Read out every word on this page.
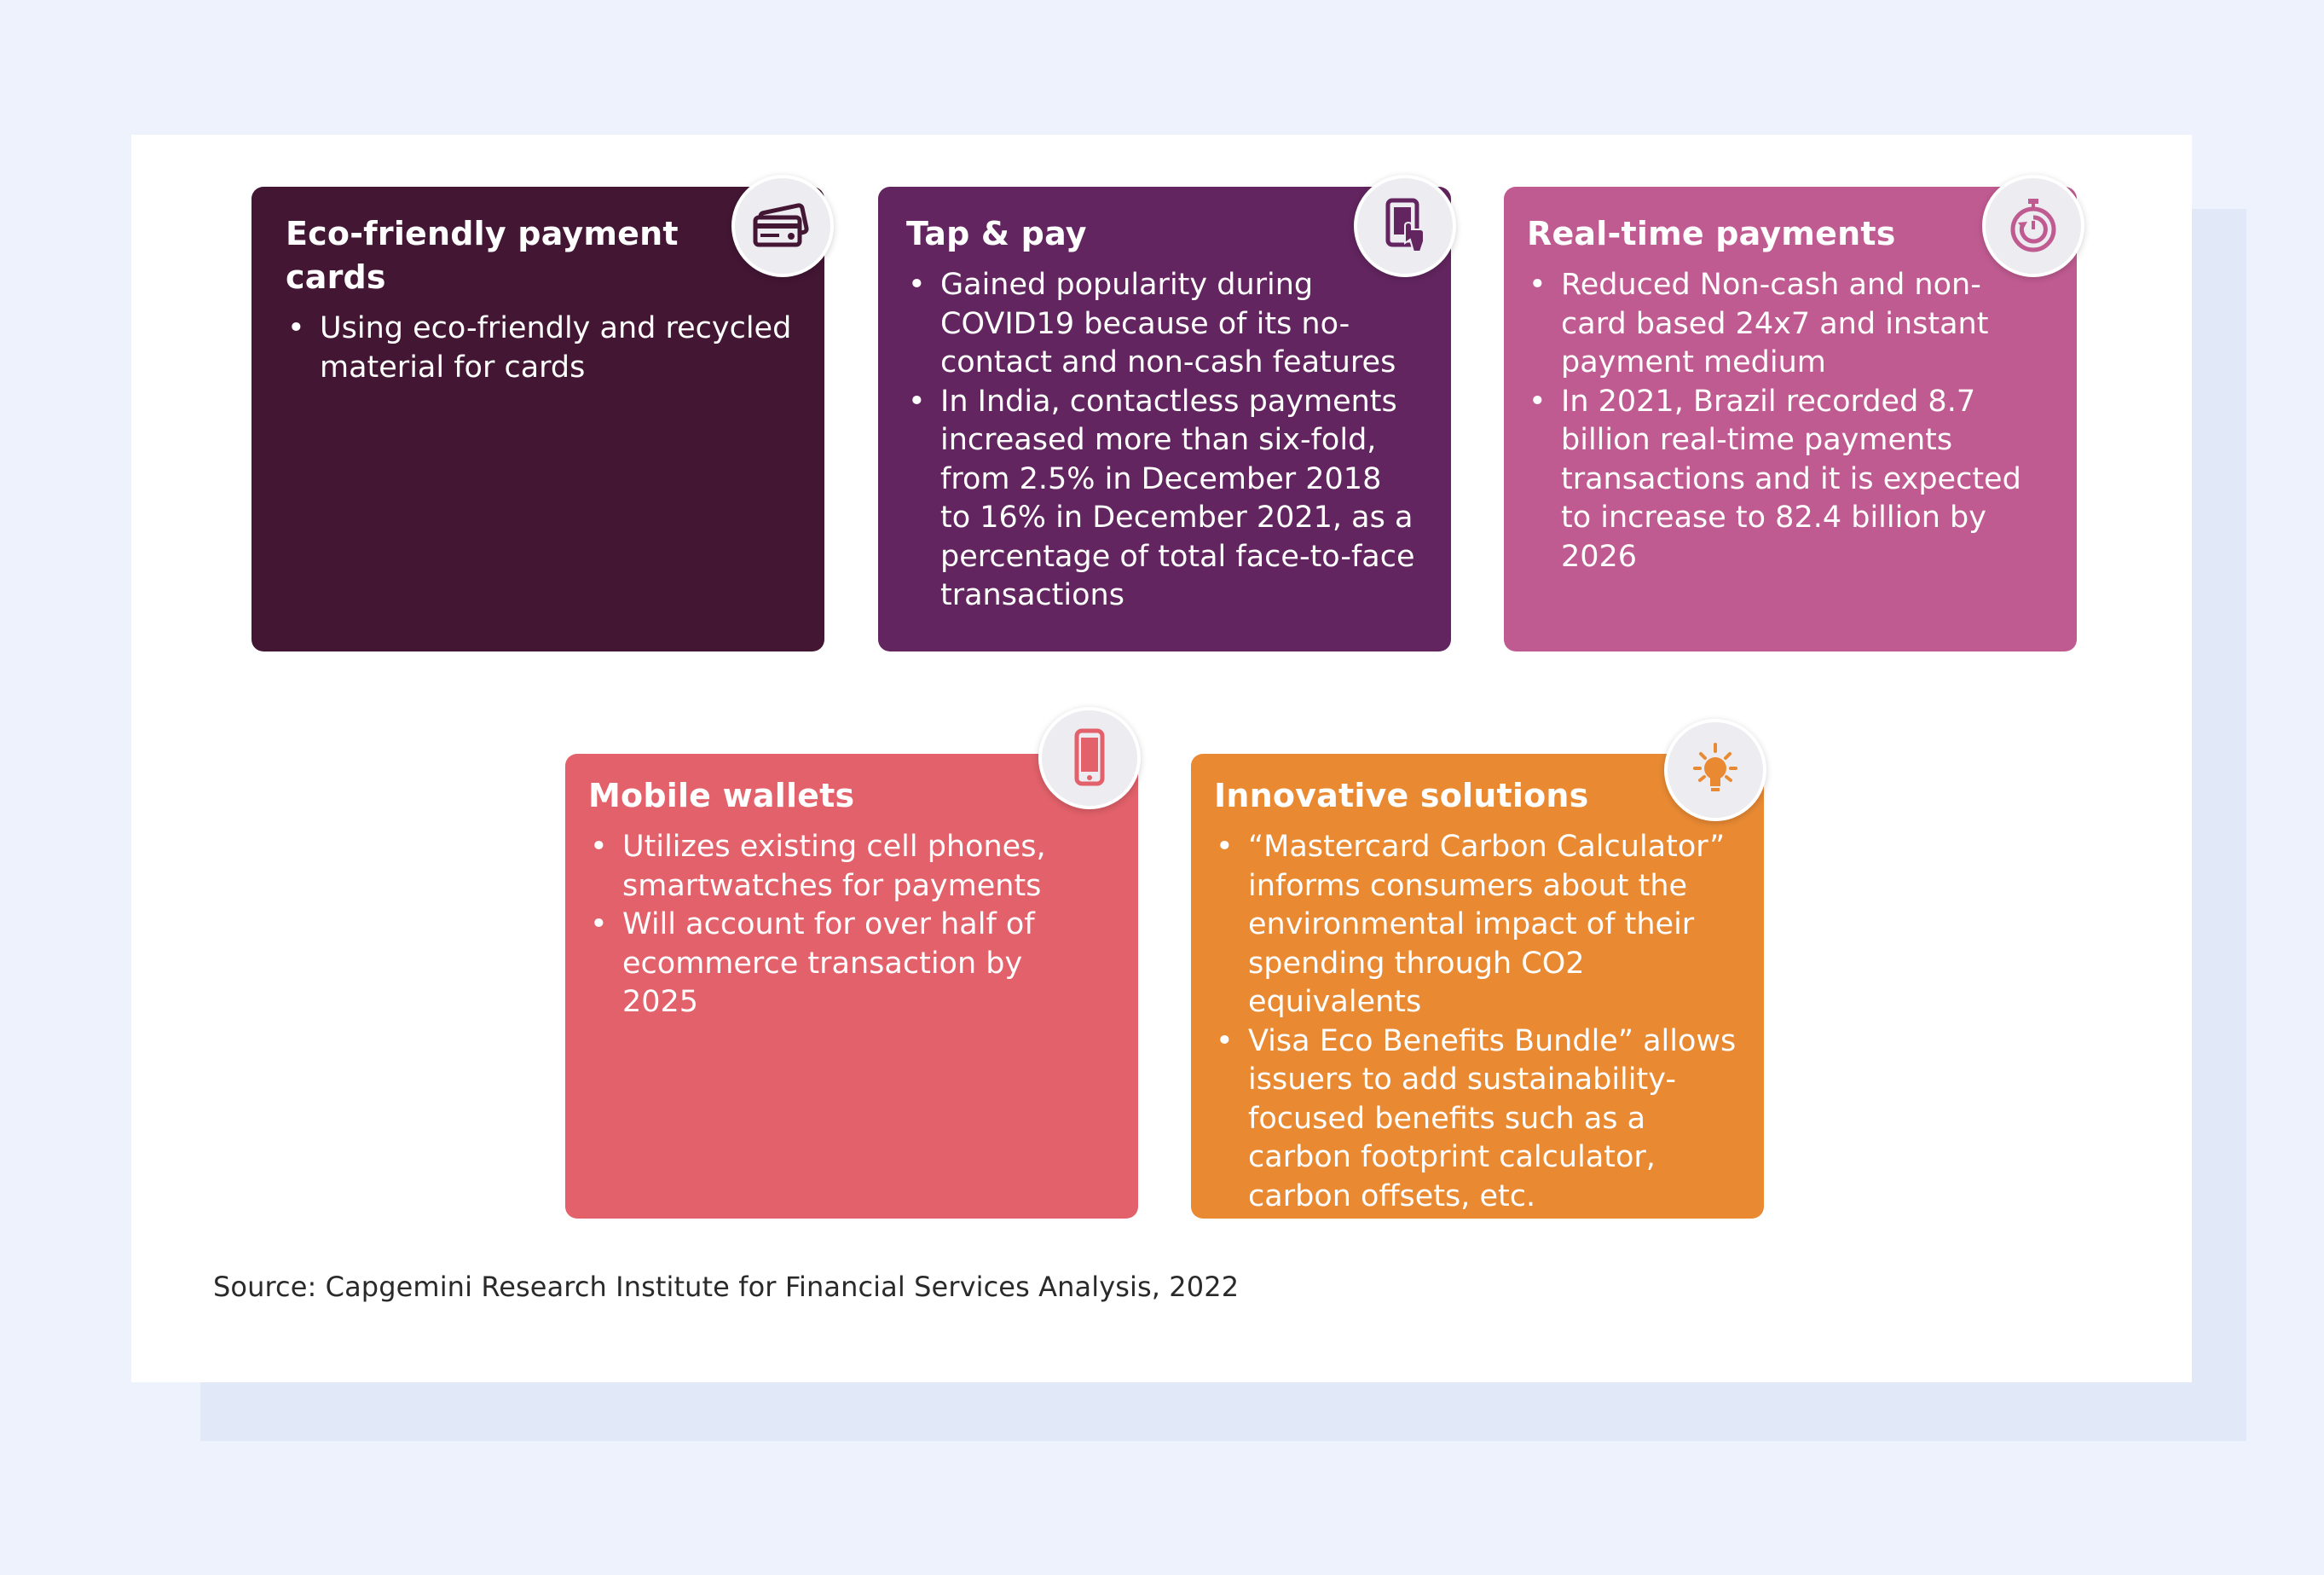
Eco-friendly payment cards
• Using eco-friendly and recycled material for cards
Tap & pay
• Gained popularity during COVID19 because of its no-contact and non-cash features
• In India, contactless payments increased more than six-fold, from 2.5% in December 2018 to 16% in December 2021, as a percentage of total face-to-face transactions
Real-time payments
• Reduced Non-cash and non-card based 24x7 and instant payment medium
• In 2021, Brazil recorded 8.7 billion real-time payments transactions and it is expected to increase to 82.4 billion by 2026
Mobile wallets
• Utilizes existing cell phones, smartwatches for payments
• Will account for over half of ecommerce transaction by 2025
Innovative solutions
• “Mastercard Carbon Calculator” informs consumers about the environmental impact of their spending through CO2 equivalents
• Visa Eco Benefits Bundle” allows issuers to add sustainability-focused benefits such as a carbon footprint calculator, carbon offsets, etc.
Source: Capgemini Research Institute for Financial Services Analysis, 2022
